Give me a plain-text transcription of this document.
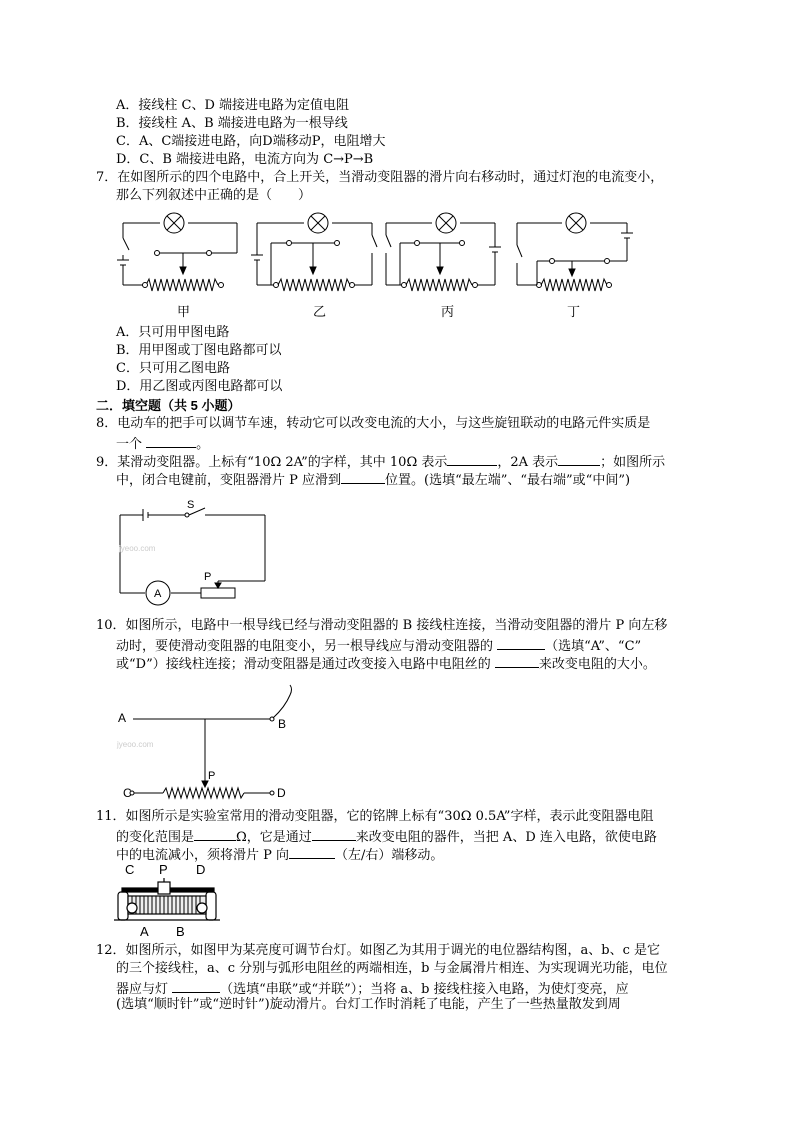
A．接线柱 C、D 端接进电路为定值电阻
B．接线柱 A、B 端接进电路为一根导线
C．A、C端接进电路，向D端移动P，电阻增大
D．C、B 端接进电路，电流方向为 C→P→B
7．在如图所示的四个电路中，合上开关，当滑动变阻器的滑片向右移动时，通过灯泡的电流变小，
那么下列叙述中正确的是（　　）
甲	乙	丙	丁
A．只可用甲图电路
B．用甲图或丁图电路都可以
C．只可用乙图电路
D．用乙图或丙图电路都可以
二．填空题（共 5 小题）
8．电动车的把手可以调节车速，转动它可以改变电流的大小，与这些旋钮联动的电路元件实质是
一个	。
9．某滑动变阻器。上标有“10Ω 2A”的字样，其中 10Ω 表示	，2A 表示	；如图所示
中，闭合电键前，变阻器滑片 P 应滑到	位置。(选填“最左端”、“最右端”或“中间”)
S
P
A
jyeoo.com
10．如图所示，电路中一根导线已经与滑动变阻器的 B 接线柱连接，当滑动变阻器的滑片 P 向左移
动时，要使滑动变阻器的电阻变小，另一根导线应与滑动变阻器的	（选填“A”、“C”
或“D”）接线柱连接；滑动变阻器是通过改变接入电路中电阻丝的	来改变电阻的大小。
A	B
C	D
P
jyeoo.com
11．如图所示是实验室常用的滑动变阻器，它的铭牌上标有“30Ω 0.5A”字样，表示此变阻器电阻
的变化范围是	Ω，它是通过	来改变电阻的器件，当把 A、D 连入电路，欲使电路
中的电流减小，须将滑片 P 向	（左/右）端移动。
C P D
A B
12．如图所示，如图甲为某亮度可调节台灯。如图乙为其用于调光的电位器结构图，a、b、c 是它
的三个接线柱，a、c 分别与弧形电阻丝的两端相连，b 与金属滑片相连、为实现调光功能，电位
器应与灯	（选填“串联”或“并联”）；当将 a、b 接线柱接入电路，为使灯变亮，应
(选填“顺时针”或“逆时针”)旋动滑片。台灯工作时消耗了电能，产生了一些热量散发到周
